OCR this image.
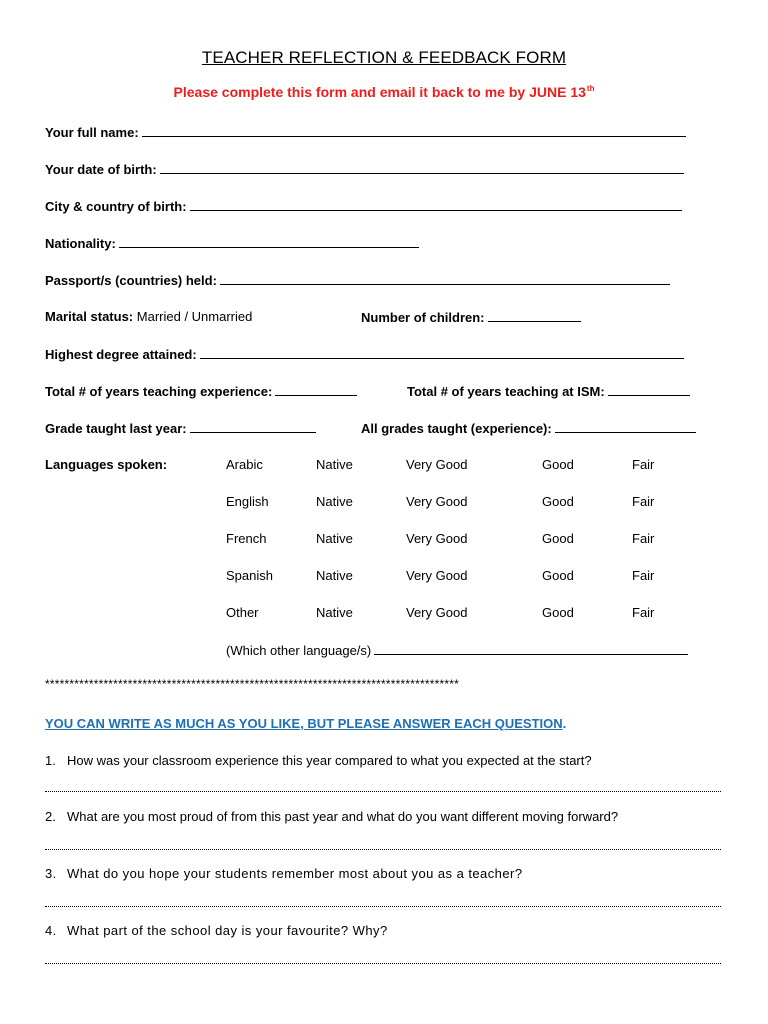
TEACHER REFLECTION & FEEDBACK FORM
Please complete this form and email it back to me by JUNE 13th
Your full name:
Your date of birth:
City & country of birth:
Nationality:
Passport/s (countries) held:
Marital status: Married / Unmarried	Number of children:
Highest degree attained:
Total # of years teaching experience:	Total # of years teaching at ISM:
Grade taught last year:	All grades taught (experience):
Languages spoken:	Arabic	Native	Very Good	Good	Fair
English	Native	Very Good	Good	Fair
French	Native	Very Good	Good	Fair
Spanish	Native	Very Good	Good	Fair
Other	Native	Very Good	Good	Fair
(Which other language/s)
*************************************************************************************
YOU CAN WRITE AS MUCH AS YOU LIKE, BUT PLEASE ANSWER EACH QUESTION.
1. How was your classroom experience this year compared to what you expected at the start?
2. What are you most proud of from this past year and what do you want different moving forward?
3. What do you hope your students remember most about you as a teacher?
4. What part of the school day is your favourite? Why?
